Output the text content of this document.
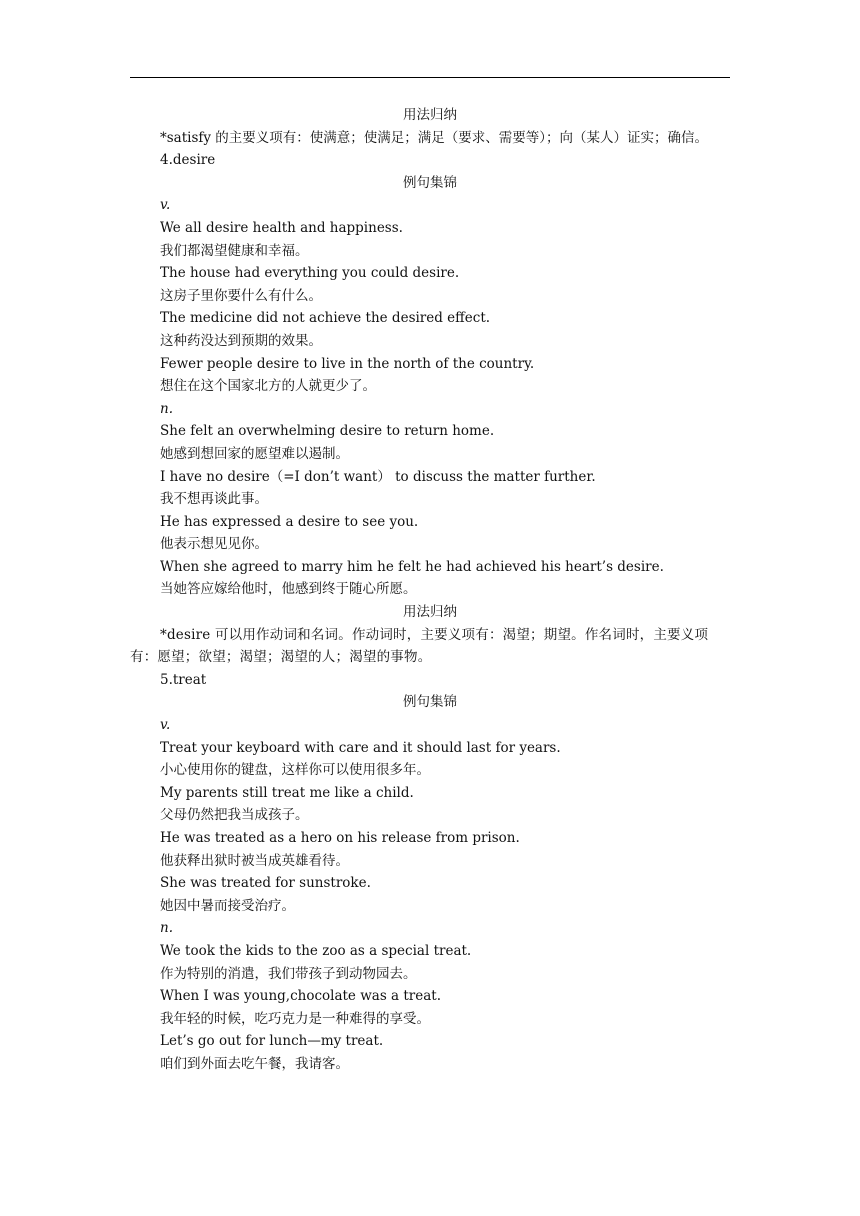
用法归纳
*satisfy 的主要义项有：使满意；使满足；满足（要求、需要等）；向（某人）证实；确信。
4.desire
例句集锦
v.
We all desire health and happiness.
我们都渴望健康和幸福。
The house had everything you could desire.
这房子里你要什么有什么。
The medicine did not achieve the desired effect.
这种药没达到预期的效果。
Fewer people desire to live in the north of the country.
想住在这个国家北方的人就更少了。
n.
She felt an overwhelming desire to return home.
她感到想回家的愿望难以遏制。
I have no desire（=I don’t want） to discuss the matter further.
我不想再谈此事。
He has expressed a desire to see you.
他表示想见见你。
When she agreed to marry him he felt he had achieved his heart’s desire.
当她答应嫁给他时，他感到终于随心所愿。
用法归纳
*desire 可以用作动词和名词。作动词时，主要义项有：渴望；期望。作名词时，主要义项有：愿望；欲望；渴望；渴望的人；渴望的事物。
5.treat
例句集锦
v.
Treat your keyboard with care and it should last for years.
小心使用你的键盘，这样你可以使用很多年。
My parents still treat me like a child.
父母仍然把我当成孩子。
He was treated as a hero on his release from prison.
他获释出狱时被当成英雄看待。
She was treated for sunstroke.
她因中暑而接受治疗。
n.
We took the kids to the zoo as a special treat.
作为特别的消遣，我们带孩子到动物园去。
When I was young,chocolate was a treat.
我年轻的时候，吃巧克力是一种难得的享受。
Let’s go out for lunch—my treat.
咱们到外面去吃午餐，我请客。
